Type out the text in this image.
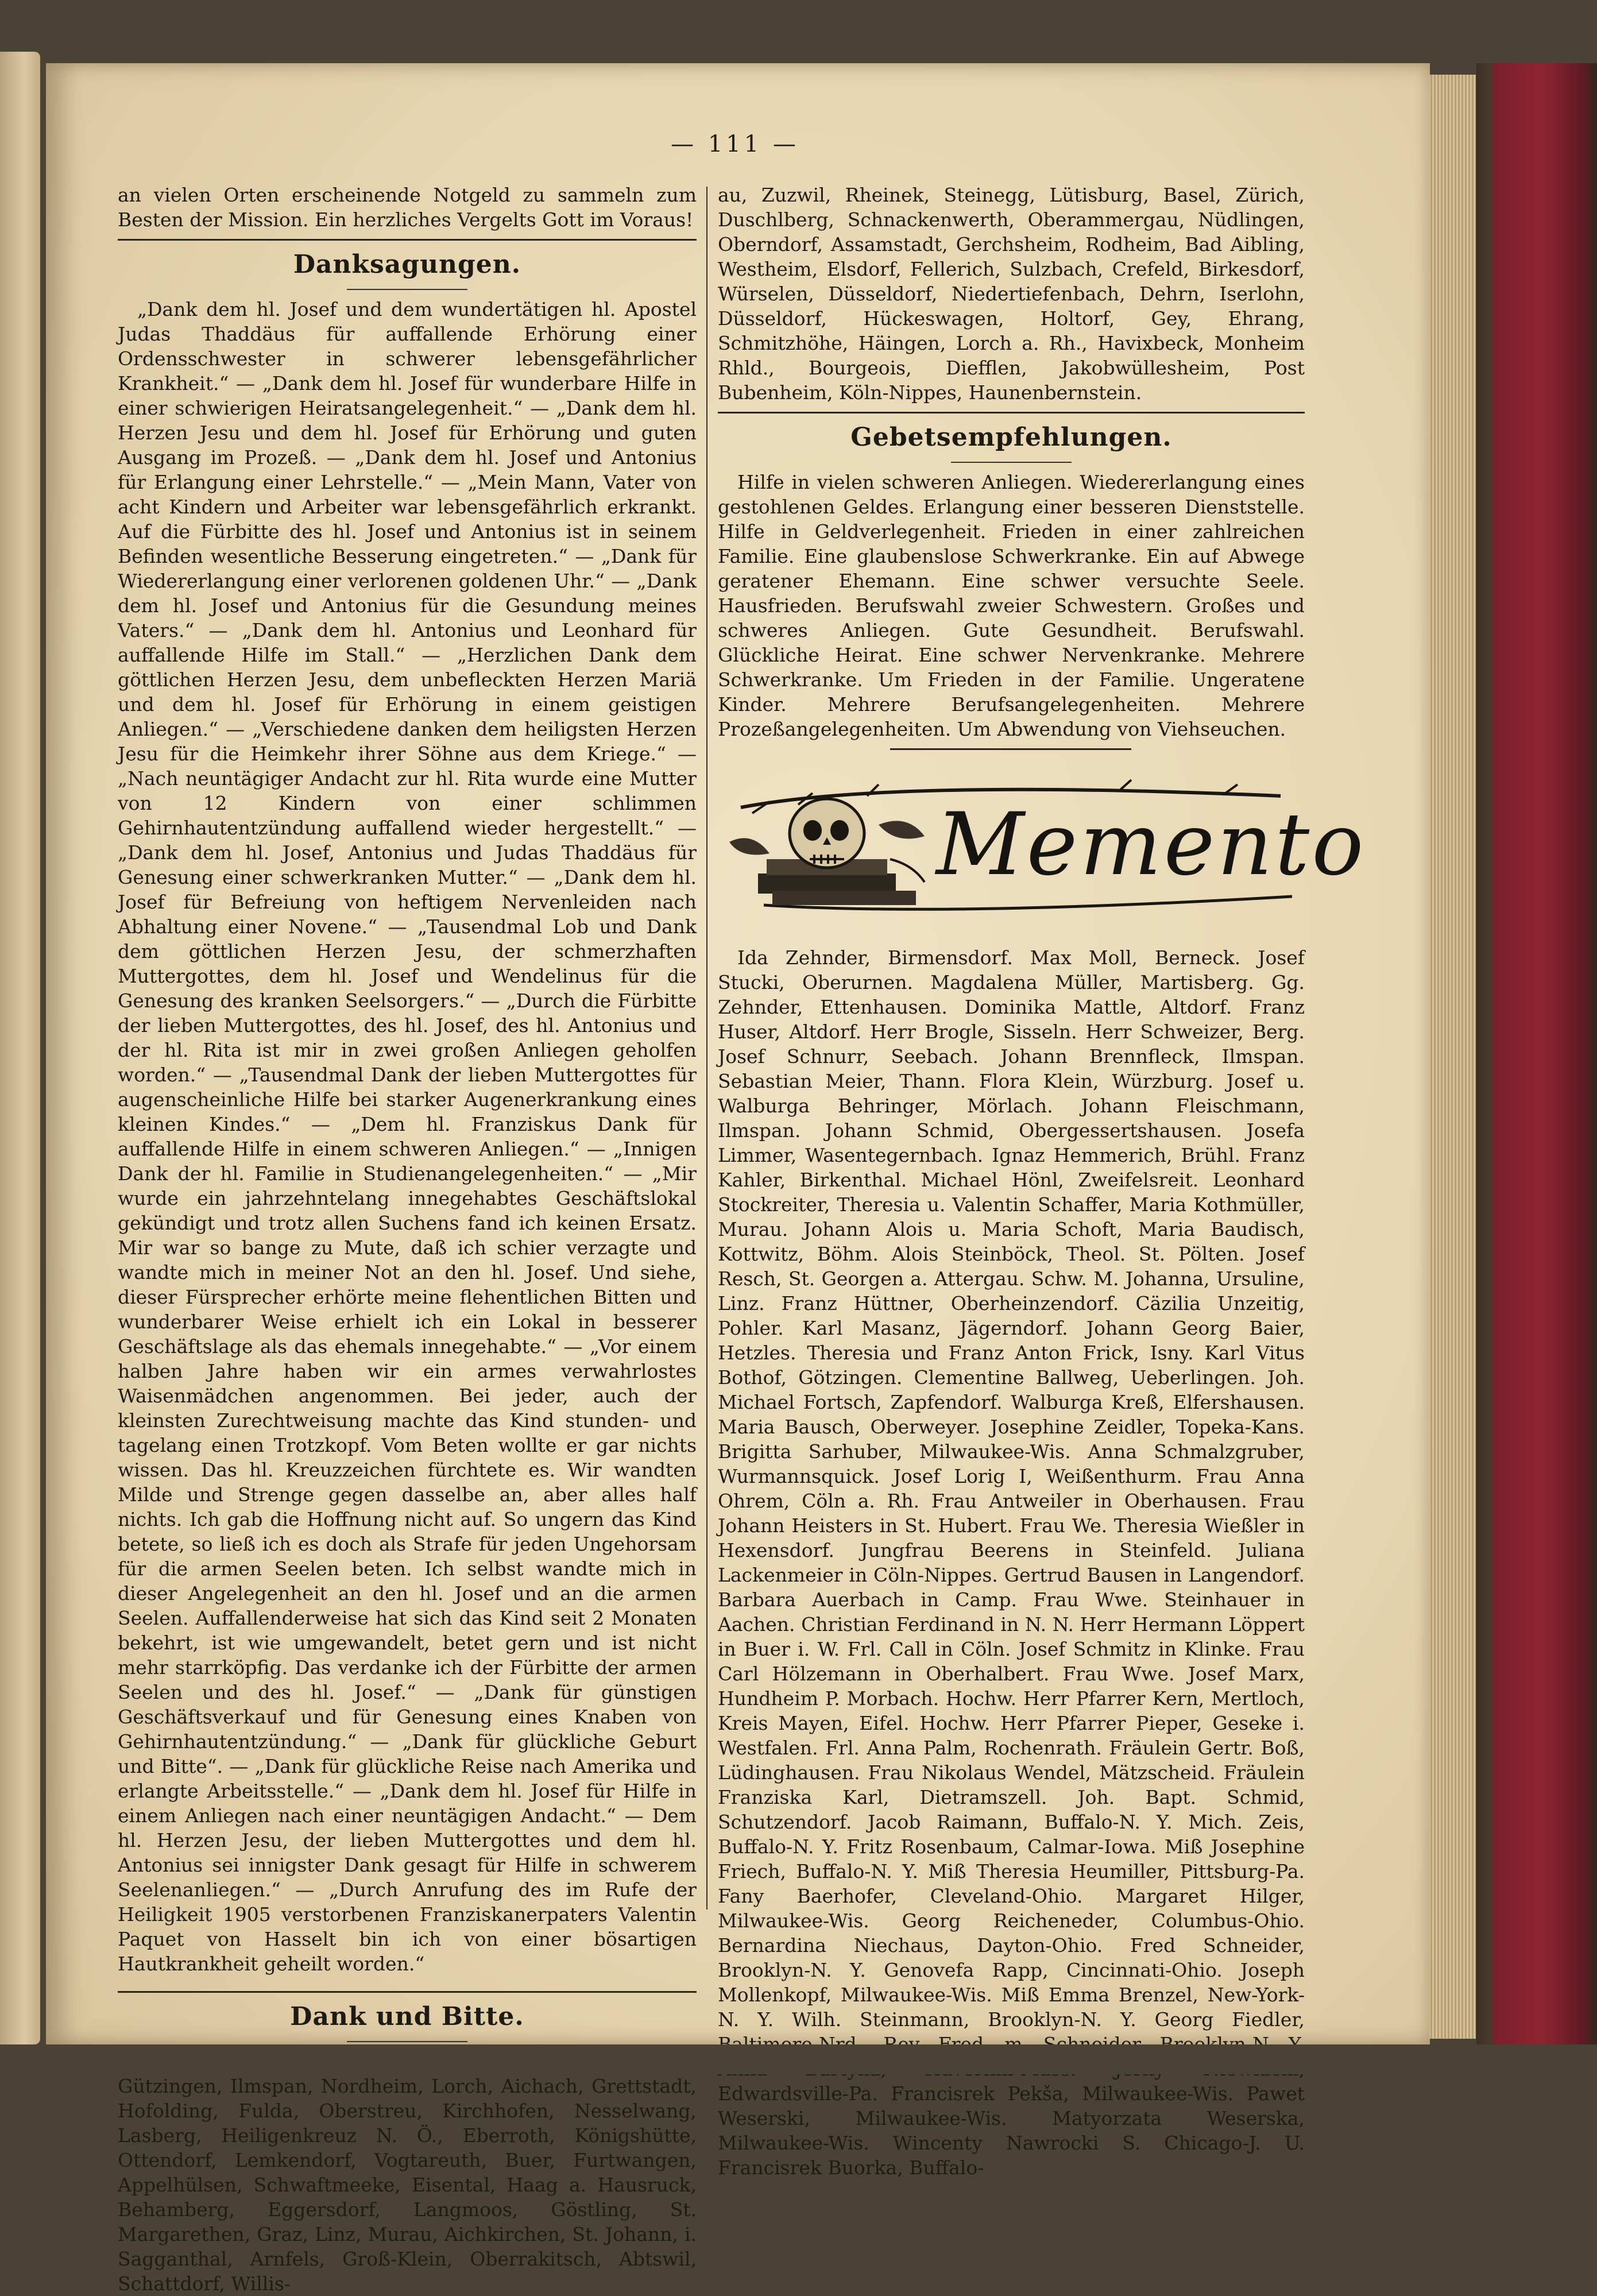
— 111 —

an vielen Orten erscheinende Notgeld zu sammeln zum Besten der Mission. Ein herzliches Vergelts Gott im Voraus!

Danksagungen.

„Dank dem hl. Josef und dem wundertätigen hl. Apostel Judas Thaddäus für auffallende Erhörung einer Ordensschwester in schwerer lebensgefährlicher Krankheit.“ — „Dank dem hl. Josef für wunderbare Hilfe in einer schwierigen Heiratsangelegenheit.“ — „Dank dem hl. Herzen Jesu und dem hl. Josef für Erhörung und guten Ausgang im Prozeß. — „Dank dem hl. Josef und Antonius für Erlangung einer Lehrstelle.“ — „Mein Mann, Vater von acht Kindern und Arbeiter war lebensgefährlich erkrankt. Auf die Fürbitte des hl. Josef und Antonius ist in seinem Befinden wesentliche Besserung eingetreten.“ — „Dank für Wiedererlangung einer verlorenen goldenen Uhr.“ — „Dank dem hl. Josef und Antonius für die Gesundung meines Vaters.“ — „Dank dem hl. Antonius und Leonhard für auffallende Hilfe im Stall.“ — „Herzlichen Dank dem göttlichen Herzen Jesu, dem unbefleckten Herzen Mariä und dem hl. Josef für Erhörung in einem geistigen Anliegen.“ — „Verschiedene danken dem heiligsten Herzen Jesu für die Heimkehr ihrer Söhne aus dem Kriege.“ — „Nach neuntägiger Andacht zur hl. Rita wurde eine Mutter von 12 Kindern von einer schlimmen Gehirnhautentzündung auffallend wieder hergestellt.“ — „Dank dem hl. Josef, Antonius und Judas Thaddäus für Genesung einer schwerkranken Mutter.“ — „Dank dem hl. Josef für Befreiung von heftigem Nervenleiden nach Abhaltung einer Novene.“ — „Tausendmal Lob und Dank dem göttlichen Herzen Jesu, der schmerzhaften Muttergottes, dem hl. Josef und Wendelinus für die Genesung des kranken Seelsorgers.“ — „Durch die Fürbitte der lieben Muttergottes, des hl. Josef, des hl. Antonius und der hl. Rita ist mir in zwei großen Anliegen geholfen worden.“ — „Tausendmal Dank der lieben Muttergottes für augenscheinliche Hilfe bei starker Augenerkrankung eines kleinen Kindes.“ — „Dem hl. Franziskus Dank für auffallende Hilfe in einem schweren Anliegen.“ — „Innigen Dank der hl. Familie in Studienangelegenheiten.“ — „Mir wurde ein jahrzehntelang innegehabtes Geschäftslokal gekündigt und trotz allen Suchens fand ich keinen Ersatz. Mir war so bange zu Mute, daß ich schier verzagte und wandte mich in meiner Not an den hl. Josef. Und siehe, dieser Fürsprecher erhörte meine flehentlichen Bitten und wunderbarer Weise erhielt ich ein Lokal in besserer Geschäftslage als das ehemals innegehabte.“ — „Vor einem halben Jahre haben wir ein armes verwahrlostes Waisenmädchen angenommen. Bei jeder, auch der kleinsten Zurechtweisung machte das Kind stunden- und tagelang einen Trotzkopf. Vom Beten wollte er gar nichts wissen. Das hl. Kreuzzeichen fürchtete es. Wir wandten Milde und Strenge gegen dasselbe an, aber alles half nichts. Ich gab die Hoffnung nicht auf. So ungern das Kind betete, so ließ ich es doch als Strafe für jeden Ungehorsam für die armen Seelen beten. Ich selbst wandte mich in dieser Angelegenheit an den hl. Josef und an die armen Seelen. Auffallenderweise hat sich das Kind seit 2 Monaten bekehrt, ist wie umgewandelt, betet gern und ist nicht mehr starrköpfig. Das verdanke ich der Fürbitte der armen Seelen und des hl. Josef.“ — „Dank für günstigen Geschäftsverkauf und für Genesung eines Knaben von Gehirnhautentzündung.“ — „Dank für glückliche Geburt und Bitte“. — „Dank für glückliche Reise nach Amerika und erlangte Arbeitsstelle.“ — „Dank dem hl. Josef für Hilfe in einem Anliegen nach einer neuntägigen Andacht.“ — Dem hl. Herzen Jesu, der lieben Muttergottes und dem hl. Antonius sei innigster Dank gesagt für Hilfe in schwerem Seelenanliegen.“ — „Durch Anrufung des im Rufe der Heiligkeit 1905 verstorbenen Franziskanerpaters Valentin Paquet von Hasselt bin ich von einer bösartigen Hautkrankheit geheilt worden.“

Dank und Bitte.

Gützingen, Ilmspan, Nordheim, Lorch, Aichach, Grettstadt, Hofolding, Fulda, Oberstreu, Kirchhofen, Nesselwang, Lasberg, Heiligenkreuz N. Ö., Eberroth, Königshütte, Ottendorf, Lemkendorf, Vogtareuth, Buer, Furtwangen, Appelhülsen, Schwaftmeeke, Eisental, Haag a. Hausruck, Behamberg, Eggersdorf, Langmoos, Göstling, St. Margarethen, Graz, Linz, Murau, Aichkirchen, St. Johann, i. Sagganthal, Arnfels, Groß-Klein, Oberrakitsch, Abtswil, Schattdorf, Willis-

au, Zuzwil, Rheinek, Steinegg, Lütisburg, Basel, Zürich, Duschlberg, Schnackenwerth, Oberammergau, Nüdlingen, Oberndorf, Assamstadt, Gerchsheim, Rodheim, Bad Aibling, Westheim, Elsdorf, Fellerich, Sulzbach, Crefeld, Birkesdorf, Würselen, Düsseldorf, Niedertiefenbach, Dehrn, Iserlohn, Düsseldorf, Hückeswagen, Holtorf, Gey, Ehrang, Schmitzhöhe, Häingen, Lorch a. Rh., Havixbeck, Monheim Rhld., Bourgeois, Diefflen, Jakobwüllesheim, Post Bubenheim, Köln-Nippes, Haunenbernstein.

Gebetsempfehlungen.

Hilfe in vielen schweren Anliegen. Wiedererlangung eines gestohlenen Geldes. Erlangung einer besseren Dienststelle. Hilfe in Geldverlegenheit. Frieden in einer zahlreichen Familie. Eine glaubenslose Schwerkranke. Ein auf Abwege geratener Ehemann. Eine schwer versuchte Seele. Hausfrieden. Berufswahl zweier Schwestern. Großes und schweres Anliegen. Gute Gesundheit. Berufswahl. Glückliche Heirat. Eine schwer Nervenkranke. Mehrere Schwerkranke. Um Frieden in der Familie. Ungeratene Kinder. Mehrere Berufsangelegenheiten. Mehrere Prozeßangelegenheiten. Um Abwendung von Viehseuchen.

Memento

Ida Zehnder, Birmensdorf. Max Moll, Berneck. Josef Stucki, Oberurnen. Magdalena Müller, Martisberg. Gg. Zehnder, Ettenhausen. Dominika Mattle, Altdorf. Franz Huser, Altdorf. Herr Brogle, Sisseln. Herr Schweizer, Berg. Josef Schnurr, Seebach. Johann Brennfleck, Ilmspan. Sebastian Meier, Thann. Flora Klein, Würzburg. Josef u. Walburga Behringer, Mörlach. Johann Fleischmann, Ilmspan. Johann Schmid, Obergessertshausen. Josefa Limmer, Wasentegernbach. Ignaz Hemmerich, Brühl. Franz Kahler, Birkenthal. Michael Hönl, Zweifelsreit. Leonhard Stockreiter, Theresia u. Valentin Schaffer, Maria Kothmüller, Murau. Johann Alois u. Maria Schoft, Maria Baudisch, Kottwitz, Böhm. Alois Steinböck, Theol. St. Pölten. Josef Resch, St. Georgen a. Attergau. Schw. M. Johanna, Ursuline, Linz. Franz Hüttner, Oberheinzendorf. Cäzilia Unzeitig, Pohler. Karl Masanz, Jägerndorf. Johann Georg Baier, Hetzles. Theresia und Franz Anton Frick, Isny. Karl Vitus Bothof, Götzingen. Clementine Ballweg, Ueberlingen. Joh. Michael Fortsch, Zapfendorf. Walburga Kreß, Elfershausen. Maria Bausch, Oberweyer. Josephine Zeidler, Topeka-Kans. Brigitta Sarhuber, Milwaukee-Wis. Anna Schmalzgruber, Wurmannsquick. Josef Lorig I, Weißenthurm. Frau Anna Ohrem, Cöln a. Rh. Frau Antweiler in Oberhausen. Frau Johann Heisters in St. Hubert. Frau We. Theresia Wießler in Hexensdorf. Jungfrau Beerens in Steinfeld. Juliana Lackenmeier in Cöln-Nippes. Gertrud Bausen in Langendorf. Barbara Auerbach in Camp. Frau Wwe. Steinhauer in Aachen. Christian Ferdinand in N. N. Herr Hermann Löppert in Buer i. W. Frl. Call in Cöln. Josef Schmitz in Klinke. Frau Carl Hölzemann in Oberhalbert. Frau Wwe. Josef Marx, Hundheim P. Morbach. Hochw. Herr Pfarrer Kern, Mertloch, Kreis Mayen, Eifel. Hochw. Herr Pfarrer Pieper, Geseke i. Westfalen. Frl. Anna Palm, Rochenrath. Fräulein Gertr. Boß, Lüdinghausen. Frau Nikolaus Wendel, Mätzscheid. Fräulein Franziska Karl, Dietramszell. Joh. Bapt. Schmid, Schutzendorf. Jacob Raimann, Buffalo-N. Y. Mich. Zeis, Buffalo-N. Y. Fritz Rosenbaum, Calmar-Iowa. Miß Josephine Friech, Buffalo-N. Y. Miß Theresia Heumiller, Pittsburg-Pa. Fany Baerhofer, Cleveland-Ohio. Margaret Hilger, Milwaukee-Wis. Georg Reicheneder, Columbus-Ohio. Bernardina Niechaus, Dayton-Ohio. Fred Schneider, Brooklyn-N. Y. Genovefa Rapp, Cincinnati-Ohio. Joseph Mollenkopf, Milwaukee-Wis. Miß Emma Brenzel, New-York-N. Y. Wilh. Steinmann, Brooklyn-N. Y. Georg Fiedler, Edwardsville-Pa. Francisrek Pekša, Milwaukee-Wis. Pawet Weserski, Milwaukee-Wis. Matyorzata Weserska, Milwaukee-Wis. Wincenty Nawrocki S. Chicago-J. U. Francisrek Buorka, Buffalo-
